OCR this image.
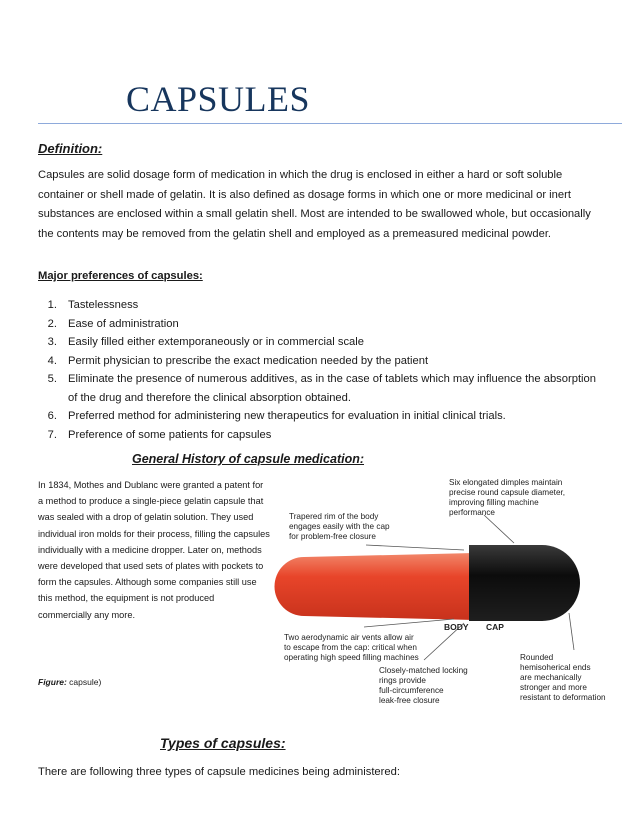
CAPSULES
Definition:
Capsules are solid dosage form of medication in which the drug is enclosed in either a hard or soft soluble container or shell made of gelatin. It is also defined as dosage forms in which one or more medicinal or inert substances are enclosed within a small gelatin shell. Most are intended to be swallowed whole, but occasionally the contents may be removed from the gelatin shell and employed as a premeasured medicinal powder.
Major preferences of capsules:
1. Tastelessness
2. Ease of administration
3. Easily filled either extemporaneously or in commercial scale
4. Permit physician to prescribe the exact medication needed by the patient
5. Eliminate the presence of numerous additives, as in the case of tablets which may influence the absorption of the drug and therefore the clinical absorption obtained.
6. Preferred method for administering new therapeutics for evaluation in initial clinical trials.
7. Preference of some patients for capsules
General History of capsule medication:
In 1834, Mothes and Dublanc were granted a patent for a method to produce a single-piece gelatin capsule that was sealed with a drop of gelatin solution. They used individual iron molds for their process, filling the capsules individually with a medicine dropper. Later on, methods were developed that used sets of plates with pockets to form the capsules. Although some companies still use this method, the equipment is not produced commercially any more.
Figure: capsule)
Six elongated dimples maintain
precise round capsule diameter,
improving filling machine
performance
Trapered rim of the body
engages easily with the cap
for problem-free closure
BODY CAP
Two aerodynamic air vents allow air
to escape from the cap: critical when
operating high speed filling machines	Rounded
hemisoherical ends
are mechanically
stronger and more
resistant to deformation
Closely-matched locking
rings provide
full-circumference
leak-free closure
Types of capsules:
There are following three types of capsule medicines being administered:
